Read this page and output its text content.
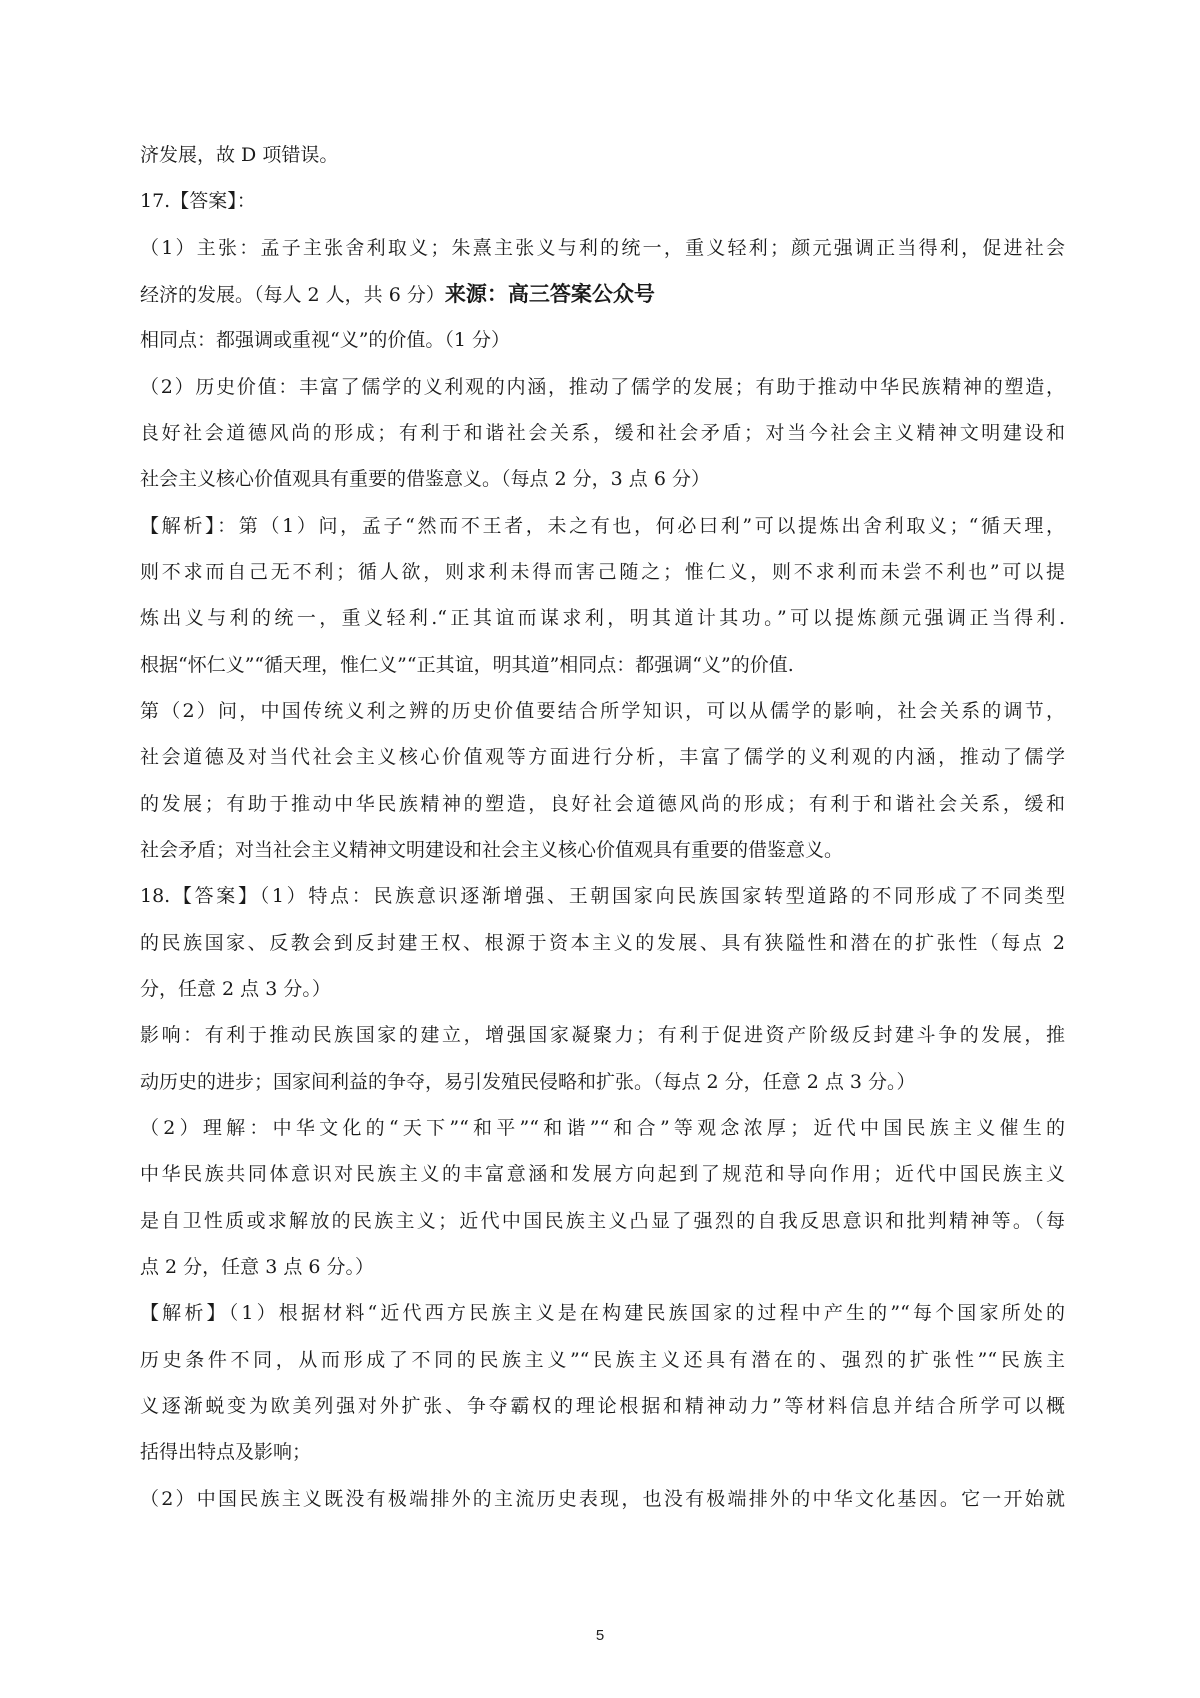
济发展，故 D 项错误。
17.【答案】：
（1）主张：孟子主张舍利取义；朱熹主张义与利的统一，重义轻利；颜元强调正当得利，促进社会
经济的发展。（每人 2 人，共 6 分）来源：高三答案公众号
相同点：都强调或重视“义”的价值。（1 分）
（2）历史价值：丰富了儒学的义利观的内涵，推动了儒学的发展；有助于推动中华民族精神的塑造，
良好社会道德风尚的形成；有利于和谐社会关系，缓和社会矛盾；对当今社会主义精神文明建设和
社会主义核心价值观具有重要的借鉴意义。（每点 2 分，3 点 6 分）
【解析】：第（1）问，孟子“然而不王者，未之有也，何必曰利”可以提炼出舍利取义；“循天理，
则不求而自己无不利；循人欲，则求利未得而害己随之；惟仁义，则不求利而未尝不利也”可以提
炼出义与利的统一，重义轻利.“正其谊而谋求利，明其道计其功。”可以提炼颜元强调正当得利.
根据“怀仁义”“循天理，惟仁义”“正其谊，明其道”相同点：都强调“义”的价值.
第（2）问，中国传统义利之辨的历史价值要结合所学知识，可以从儒学的影响，社会关系的调节，
社会道德及对当代社会主义核心价值观等方面进行分析，丰富了儒学的义利观的内涵，推动了儒学
的发展；有助于推动中华民族精神的塑造，良好社会道德风尚的形成；有利于和谐社会关系，缓和
社会矛盾；对当社会主义精神文明建设和社会主义核心价值观具有重要的借鉴意义。
18.【答案】（1）特点：民族意识逐渐增强、王朝国家向民族国家转型道路的不同形成了不同类型
的民族国家、反教会到反封建王权、根源于资本主义的发展、具有狭隘性和潜在的扩张性（每点 2
分，任意 2 点 3 分。）
影响：有利于推动民族国家的建立，增强国家凝聚力；有利于促进资产阶级反封建斗争的发展，推
动历史的进步；国家间利益的争夺，易引发殖民侵略和扩张。（每点 2 分，任意 2 点 3 分。）
（2）理解：中华文化的“天下”“和平”“和谐”“和合”等观念浓厚；近代中国民族主义催生的
中华民族共同体意识对民族主义的丰富意涵和发展方向起到了规范和导向作用；近代中国民族主义
是自卫性质或求解放的民族主义；近代中国民族主义凸显了强烈的自我反思意识和批判精神等。（每
点 2 分，任意 3 点 6 分。）
【解析】（1）根据材料“近代西方民族主义是在构建民族国家的过程中产生的”“每个国家所处的
历史条件不同，从而形成了不同的民族主义”“民族主义还具有潜在的、强烈的扩张性”“民族主
义逐渐蜕变为欧美列强对外扩张、争夺霸权的理论根据和精神动力”等材料信息并结合所学可以概
括得出特点及影响；
（2）中国民族主义既没有极端排外的主流历史表现，也没有极端排外的中华文化基因。它一开始就
5
